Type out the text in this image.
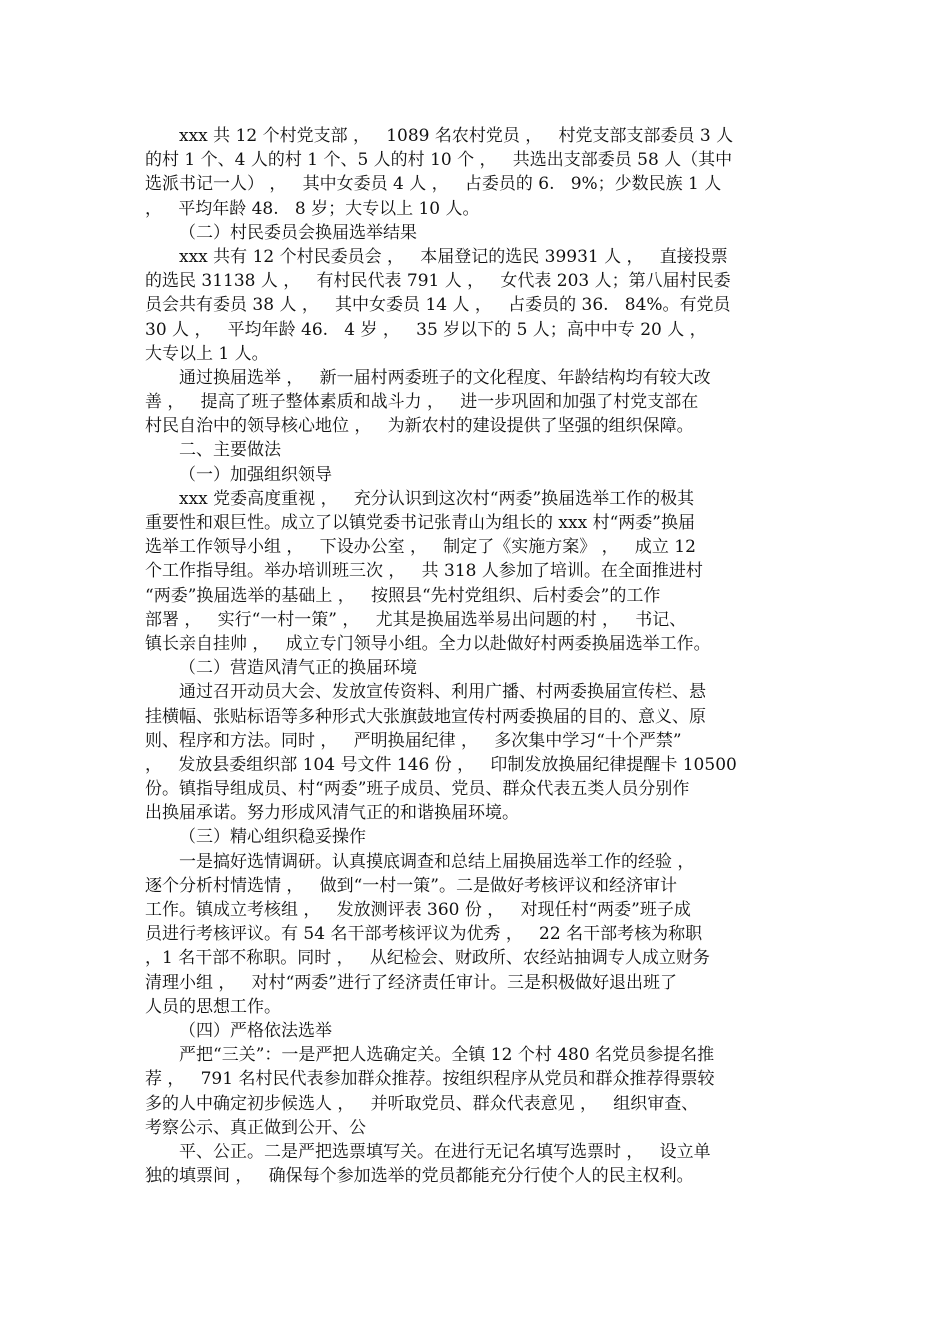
xxx 共 12 个村党支部 ，   1089 名农村党员 ，   村党支部支部委员 3 人
的村 1 个、4 人的村 1 个、5 人的村 10 个 ，   共选出支部委员 58 人（其中
选派书记一人） ，   其中女委员 4 人 ，   占委员的 6.   9%；少数民族 1 人
，   平均年龄 48.   8 岁；大专以上 10 人。
（二）村民委员会换届选举结果
xxx 共有 12 个村民委员会 ，   本届登记的选民 39931 人 ，   直接投票
的选民 31138 人 ，   有村民代表 791 人 ，   女代表 203 人；第八届村民委
员会共有委员 38 人 ，   其中女委员 14 人 ，   占委员的 36.   84%。有党员
30 人 ，   平均年龄 46.   4 岁 ，   35 岁以下的 5 人；高中中专 20 人 ，
大专以上 1 人。
通过换届选举 ，   新一届村两委班子的文化程度、年龄结构均有较大改
善 ，   提高了班子整体素质和战斗力 ，   进一步巩固和加强了村党支部在
村民自治中的领导核心地位 ，   为新农村的建设提供了坚强的组织保障。
二、主要做法
（一）加强组织领导
xxx 党委高度重视 ，   充分认识到这次村“两委”换届选举工作的极其
重要性和艰巨性。成立了以镇党委书记张青山为组长的 xxx 村“两委”换届
选举工作领导小组 ，   下设办公室 ，   制定了《实施方案》 ，   成立 12
个工作指导组。举办培训班三次 ，   共 318 人参加了培训。在全面推进村
“两委”换届选举的基础上 ，   按照县“先村党组织、后村委会”的工作
部署 ，   实行“一村一策” ，   尤其是换届选举易出问题的村 ，   书记、
镇长亲自挂帅 ，   成立专门领导小组。全力以赴做好村两委换届选举工作。
（二）营造风清气正的换届环境
通过召开动员大会、发放宣传资料、利用广播、村两委换届宣传栏、悬
挂横幅、张贴标语等多种形式大张旗鼓地宣传村两委换届的目的、意义、原
则、程序和方法。同时 ，   严明换届纪律 ，   多次集中学习“十个严禁”
，   发放县委组织部 104 号文件 146 份 ，   印制发放换届纪律提醒卡 10500
份。镇指导组成员、村“两委”班子成员、党员、群众代表五类人员分别作
出换届承诺。努力形成风清气正的和谐换届环境。
（三）精心组织稳妥操作
一是搞好选情调研。认真摸底调查和总结上届换届选举工作的经验 ，
逐个分析村情选情 ，   做到“一村一策”。二是做好考核评议和经济审计
工作。镇成立考核组 ，   发放测评表 360 份 ，   对现任村“两委”班子成
员进行考核评议。有 54 名干部考核评议为优秀 ，   22 名干部考核为称职
，1 名干部不称职。同时 ，   从纪检会、财政所、农经站抽调专人成立财务
清理小组 ，   对村“两委”进行了经济责任审计。三是积极做好退出班了
人员的思想工作。
（四）严格依法选举
严把“三关”：一是严把人选确定关。全镇 12 个村 480 名党员参提名推
荐 ，   791 名村民代表参加群众推荐。按组织程序从党员和群众推荐得票较
多的人中确定初步候选人 ，   并听取党员、群众代表意见 ，   组织审查、
考察公示、真正做到公开、公
平、公正。二是严把选票填写关。在进行无记名填写选票时 ，   设立单
独的填票间 ，   确保每个参加选举的党员都能充分行使个人的民主权利。
